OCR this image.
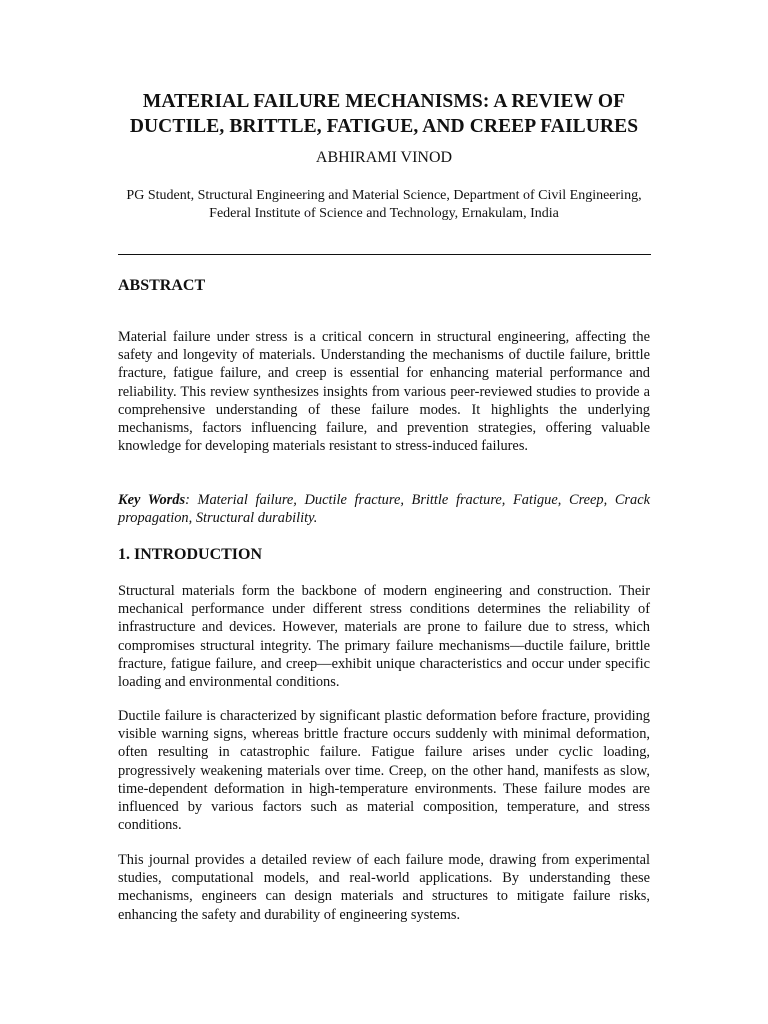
MATERIAL FAILURE MECHANISMS: A REVIEW OF
DUCTILE, BRITTLE, FATIGUE, AND CREEP FAILURES
ABHIRAMI VINOD
PG Student, Structural Engineering and Material Science, Department of Civil Engineering,
Federal Institute of Science and Technology, Ernakulam, India
ABSTRACT

Material failure under stress is a critical concern in structural engineering, affecting the safety and longevity of materials. Understanding the mechanisms of ductile failure, brittle fracture, fatigue failure, and creep is essential for enhancing material performance and reliability. This review synthesizes insights from various peer-reviewed studies to provide a comprehensive understanding of these failure modes. It highlights the underlying mechanisms, factors influencing failure, and prevention strategies, offering valuable knowledge for developing materials resistant to stress-induced failures.

Key Words: Material failure, Ductile fracture, Brittle fracture, Fatigue, Creep, Crack propagation, Structural durability.

1. INTRODUCTION

Structural materials form the backbone of modern engineering and construction. Their mechanical performance under different stress conditions determines the reliability of infrastructure and devices. However, materials are prone to failure due to stress, which compromises structural integrity. The primary failure mechanisms—ductile failure, brittle fracture, fatigue failure, and creep—exhibit unique characteristics and occur under specific loading and environmental conditions.

Ductile failure is characterized by significant plastic deformation before fracture, providing visible warning signs, whereas brittle fracture occurs suddenly with minimal deformation, often resulting in catastrophic failure. Fatigue failure arises under cyclic loading, progressively weakening materials over time. Creep, on the other hand, manifests as slow, time-dependent deformation in high-temperature environments. These failure modes are influenced by various factors such as material composition, temperature, and stress conditions.

This journal provides a detailed review of each failure mode, drawing from experimental studies, computational models, and real-world applications. By understanding these mechanisms, engineers can design materials and structures to mitigate failure risks, enhancing the safety and durability of engineering systems.
